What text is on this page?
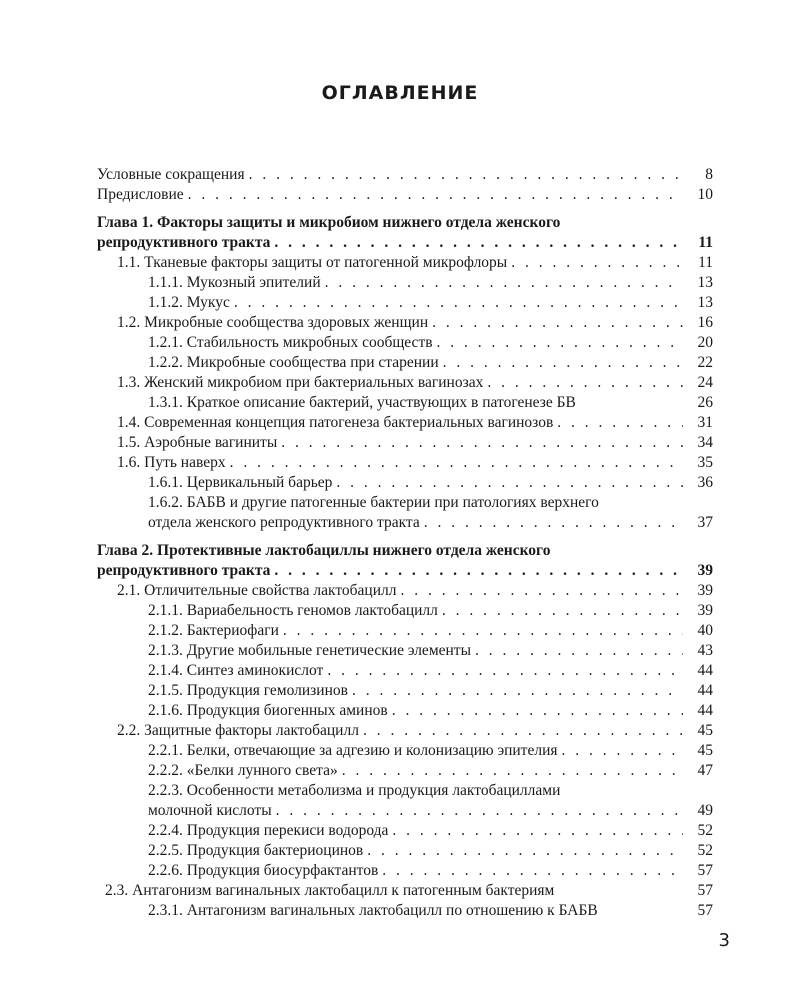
ОГЛАВЛЕНИЕ
Условные сокращения . . .	8
Предисловие . . .	10
Глава 1. Факторы защиты и микробиом нижнего отдела женского
репродуктивного тракта . . .	11
1.1. Тканевые факторы защиты от патогенной микрофлоры . . .	11
1.1.1. Мукозный эпителий . . .	13
1.1.2. Мукус . . .	13
1.2. Микробные сообщества здоровых женщин . . .	16
1.2.1. Стабильность микробных сообществ . . .	20
1.2.2. Микробные сообщества при старении . . .	22
1.3. Женский микробиом при бактериальных вагинозах . . .	24
1.3.1. Краткое описание бактерий, участвующих в патогенезе БВ	26
1.4. Современная концепция патогенеза бактериальных вагинозов . . .	31
1.5. Аэробные вагиниты . . .	34
1.6. Путь наверх . . .	35
1.6.1. Цервикальный барьер . . .	36
1.6.2. БАБВ и другие патогенные бактерии при патологиях верхнего
отдела женского репродуктивного тракта . . .	37
Глава 2. Протективные лактобациллы нижнего отдела женского
репродуктивного тракта . . .	39
2.1. Отличительные свойства лактобацилл . . .	39
2.1.1. Вариабельность геномов лактобацилл . . .	39
2.1.2. Бактериофаги . . .	40
2.1.3. Другие мобильные генетические элементы . . .	43
2.1.4. Синтез аминокислот . . .	44
2.1.5. Продукция гемолизинов . . .	44
2.1.6. Продукция биогенных аминов . . .	44
2.2. Защитные факторы лактобацилл . . .	45
2.2.1. Белки, отвечающие за адгезию и колонизацию эпителия . . .	45
2.2.2. «Белки лунного света» . . .	47
2.2.3. Особенности метаболизма и продукция лактобациллами
молочной кислоты . . .	49
2.2.4. Продукция перекиси водорода . . .	52
2.2.5. Продукция бактериоцинов . . .	52
2.2.6. Продукция биосурфактантов . . .	57
2.3. Антагонизм вагинальных лактобацилл к патогенным бактериям	57
2.3.1. Антагонизм вагинальных лактобацилл по отношению к БАБВ	57
3
